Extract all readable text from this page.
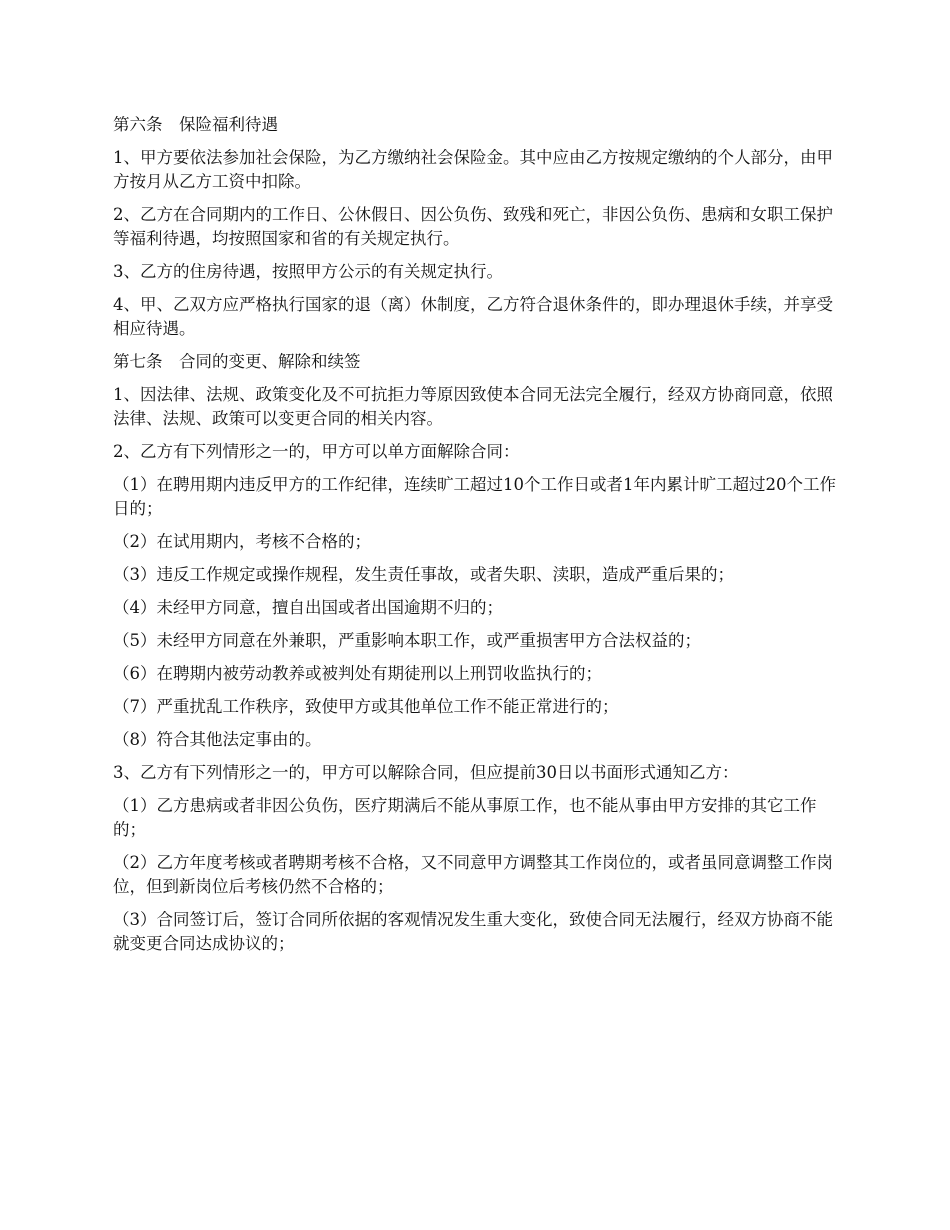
第六条　保险福利待遇

1、甲方要依法参加社会保险，为乙方缴纳社会保险金。其中应由乙方按规定缴纳的个人部分，由甲方按月从乙方工资中扣除。

2、乙方在合同期内的工作日、公休假日、因公负伤、致残和死亡，非因公负伤、患病和女职工保护等福利待遇，均按照国家和省的有关规定执行。

3、乙方的住房待遇，按照甲方公示的有关规定执行。

4、甲、乙双方应严格执行国家的退（离）休制度，乙方符合退休条件的，即办理退休手续，并享受相应待遇。

第七条　合同的变更、解除和续签

1、因法律、法规、政策变化及不可抗拒力等原因致使本合同无法完全履行，经双方协商同意，依照法律、法规、政策可以变更合同的相关内容。

2、乙方有下列情形之一的，甲方可以单方面解除合同：

（1）在聘用期内违反甲方的工作纪律，连续旷工超过10个工作日或者1年内累计旷工超过20个工作日的；

（2）在试用期内，考核不合格的；

（3）违反工作规定或操作规程，发生责任事故，或者失职、渎职，造成严重后果的；

（4）未经甲方同意，擅自出国或者出国逾期不归的；

（5）未经甲方同意在外兼职，严重影响本职工作，或严重损害甲方合法权益的；

（6）在聘期内被劳动教养或被判处有期徒刑以上刑罚收监执行的；

（7）严重扰乱工作秩序，致使甲方或其他单位工作不能正常进行的；

（8）符合其他法定事由的。

3、乙方有下列情形之一的，甲方可以解除合同，但应提前30日以书面形式通知乙方：

（1）乙方患病或者非因公负伤，医疗期满后不能从事原工作，也不能从事由甲方安排的其它工作的；

（2）乙方年度考核或者聘期考核不合格，又不同意甲方调整其工作岗位的，或者虽同意调整工作岗位，但到新岗位后考核仍然不合格的；

（3）合同签订后，签订合同所依据的客观情况发生重大变化，致使合同无法履行，经双方协商不能就变更合同达成协议的；
